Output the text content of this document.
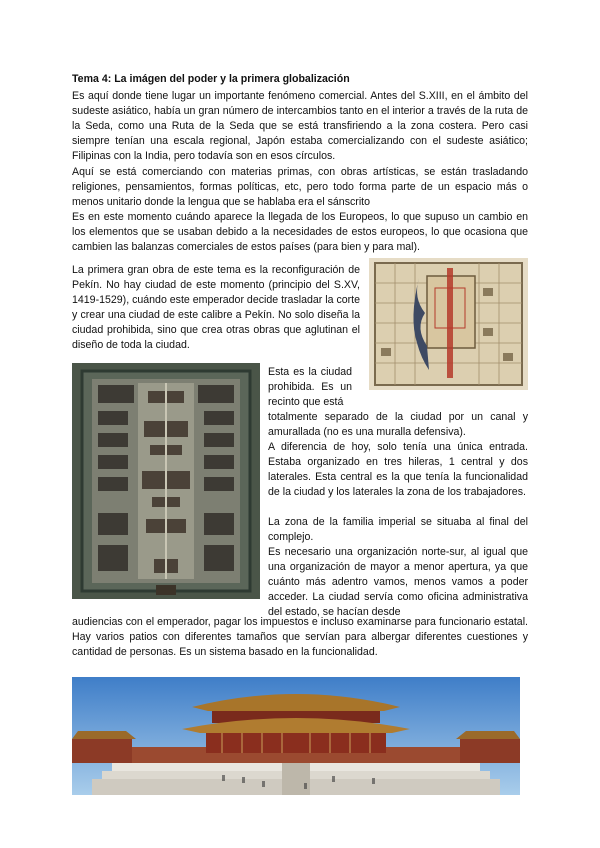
Tema 4: La imágen del poder y la primera globalización

Es aquí donde tiene lugar un importante fenómeno comercial. Antes del S.XIII, en el ámbito del sudeste asiático, había un gran número de intercambios tanto en el interior a través de la ruta de la Seda, como una Ruta de la Seda que se está transfiriendo a la zona costera. Pero casi siempre tenían una escala regional, Japón estaba comercializando con el sudeste asiático; Filipinas con la India, pero todavía son en esos círculos.

Aquí se está comerciando con materias primas, con obras artísticas, se están trasladando religiones, pensamientos, formas políticas, etc, pero todo forma parte de un espacio más o menos unitario donde la lengua que se hablaba era el sánscrito

Es en este momento cuándo aparece la llegada de los Europeos, lo que supuso un cambio en los elementos que se usaban debido a la necesidades de estos europeos, lo que ocasiona que cambien las balanzas comerciales de estos países (para bien y para mal).

La primera gran obra de este tema es la reconfiguración de Pekín. No hay ciudad de este momento (principio del S.XV, 1419-1529), cuándo este emperador decide trasladar la corte y crear una ciudad de este calibre a Pekín. No solo diseña la ciudad prohibida, sino que crea otras obras que aglutinan el diseño de toda la ciudad.

Esta es la ciudad prohibida. Es un recinto que está

totalmente separado de la ciudad por un canal y amurallada (no es una muralla defensiva).

A diferencia de hoy, solo tenía una única entrada. Estaba organizado en tres hileras, 1 central y dos laterales. Esta central es la que tenía la funcionalidad de la ciudad y los laterales la zona de los trabajadores.

La zona de la familia imperial se situaba al final del complejo.

Es necesario una organización norte-sur, al igual que una organización de mayor a menor apertura, ya que cuánto más adentro vamos, menos vamos a poder acceder. La ciudad servía como oficina administrativa del estado, se hacían desde

audiencias con el emperador, pagar los impuestos e incluso examinarse para funcionario estatal. Hay varios patios con diferentes tamaños que servían para albergar diferentes cuestiones y cantidad de personas. Es un sistema basado en la funcionalidad.
